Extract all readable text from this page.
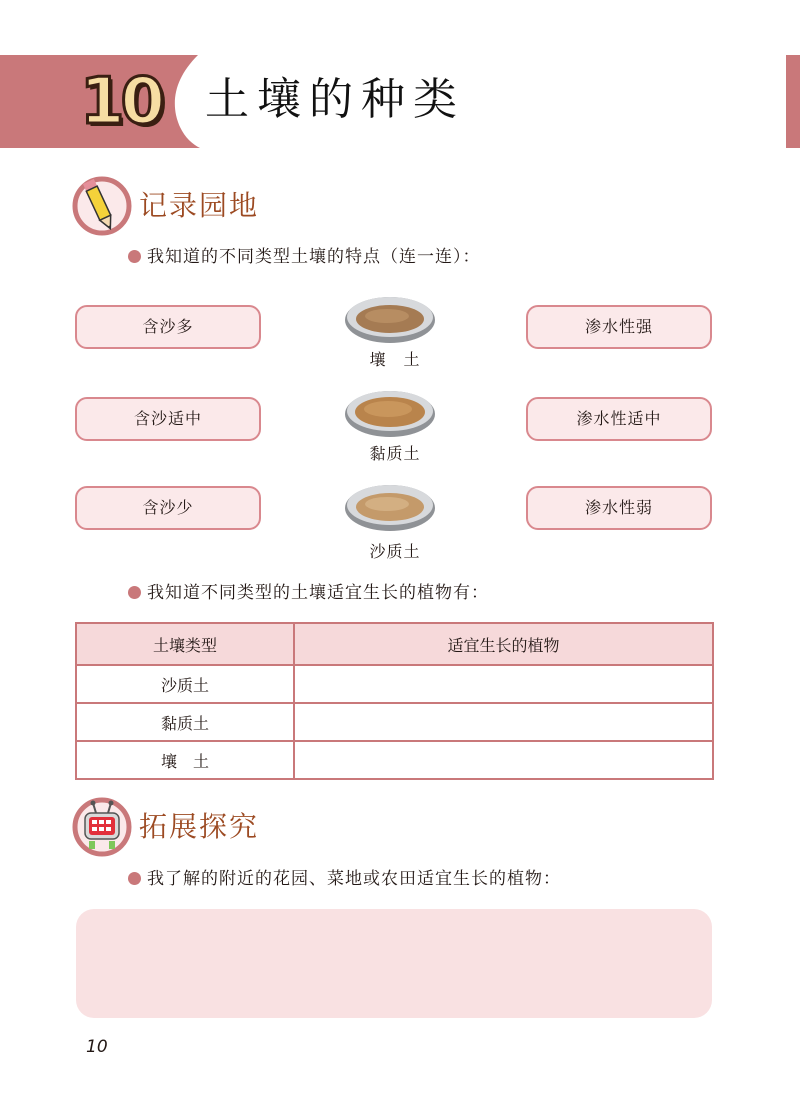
10 土壤的种类
记录园地
我知道的不同类型土壤的特点（连一连）：
含沙多
含沙适中
含沙少
渗水性强
渗水性适中
渗水性弱
壤　土
黏质土
沙质土
我知道不同类型的土壤适宜生长的植物有：
土壤类型	适宜生长的植物
沙质土	
黏质土	
壤　土	
拓展探究
我了解的附近的花园、菜地或农田适宜生长的植物：
10
